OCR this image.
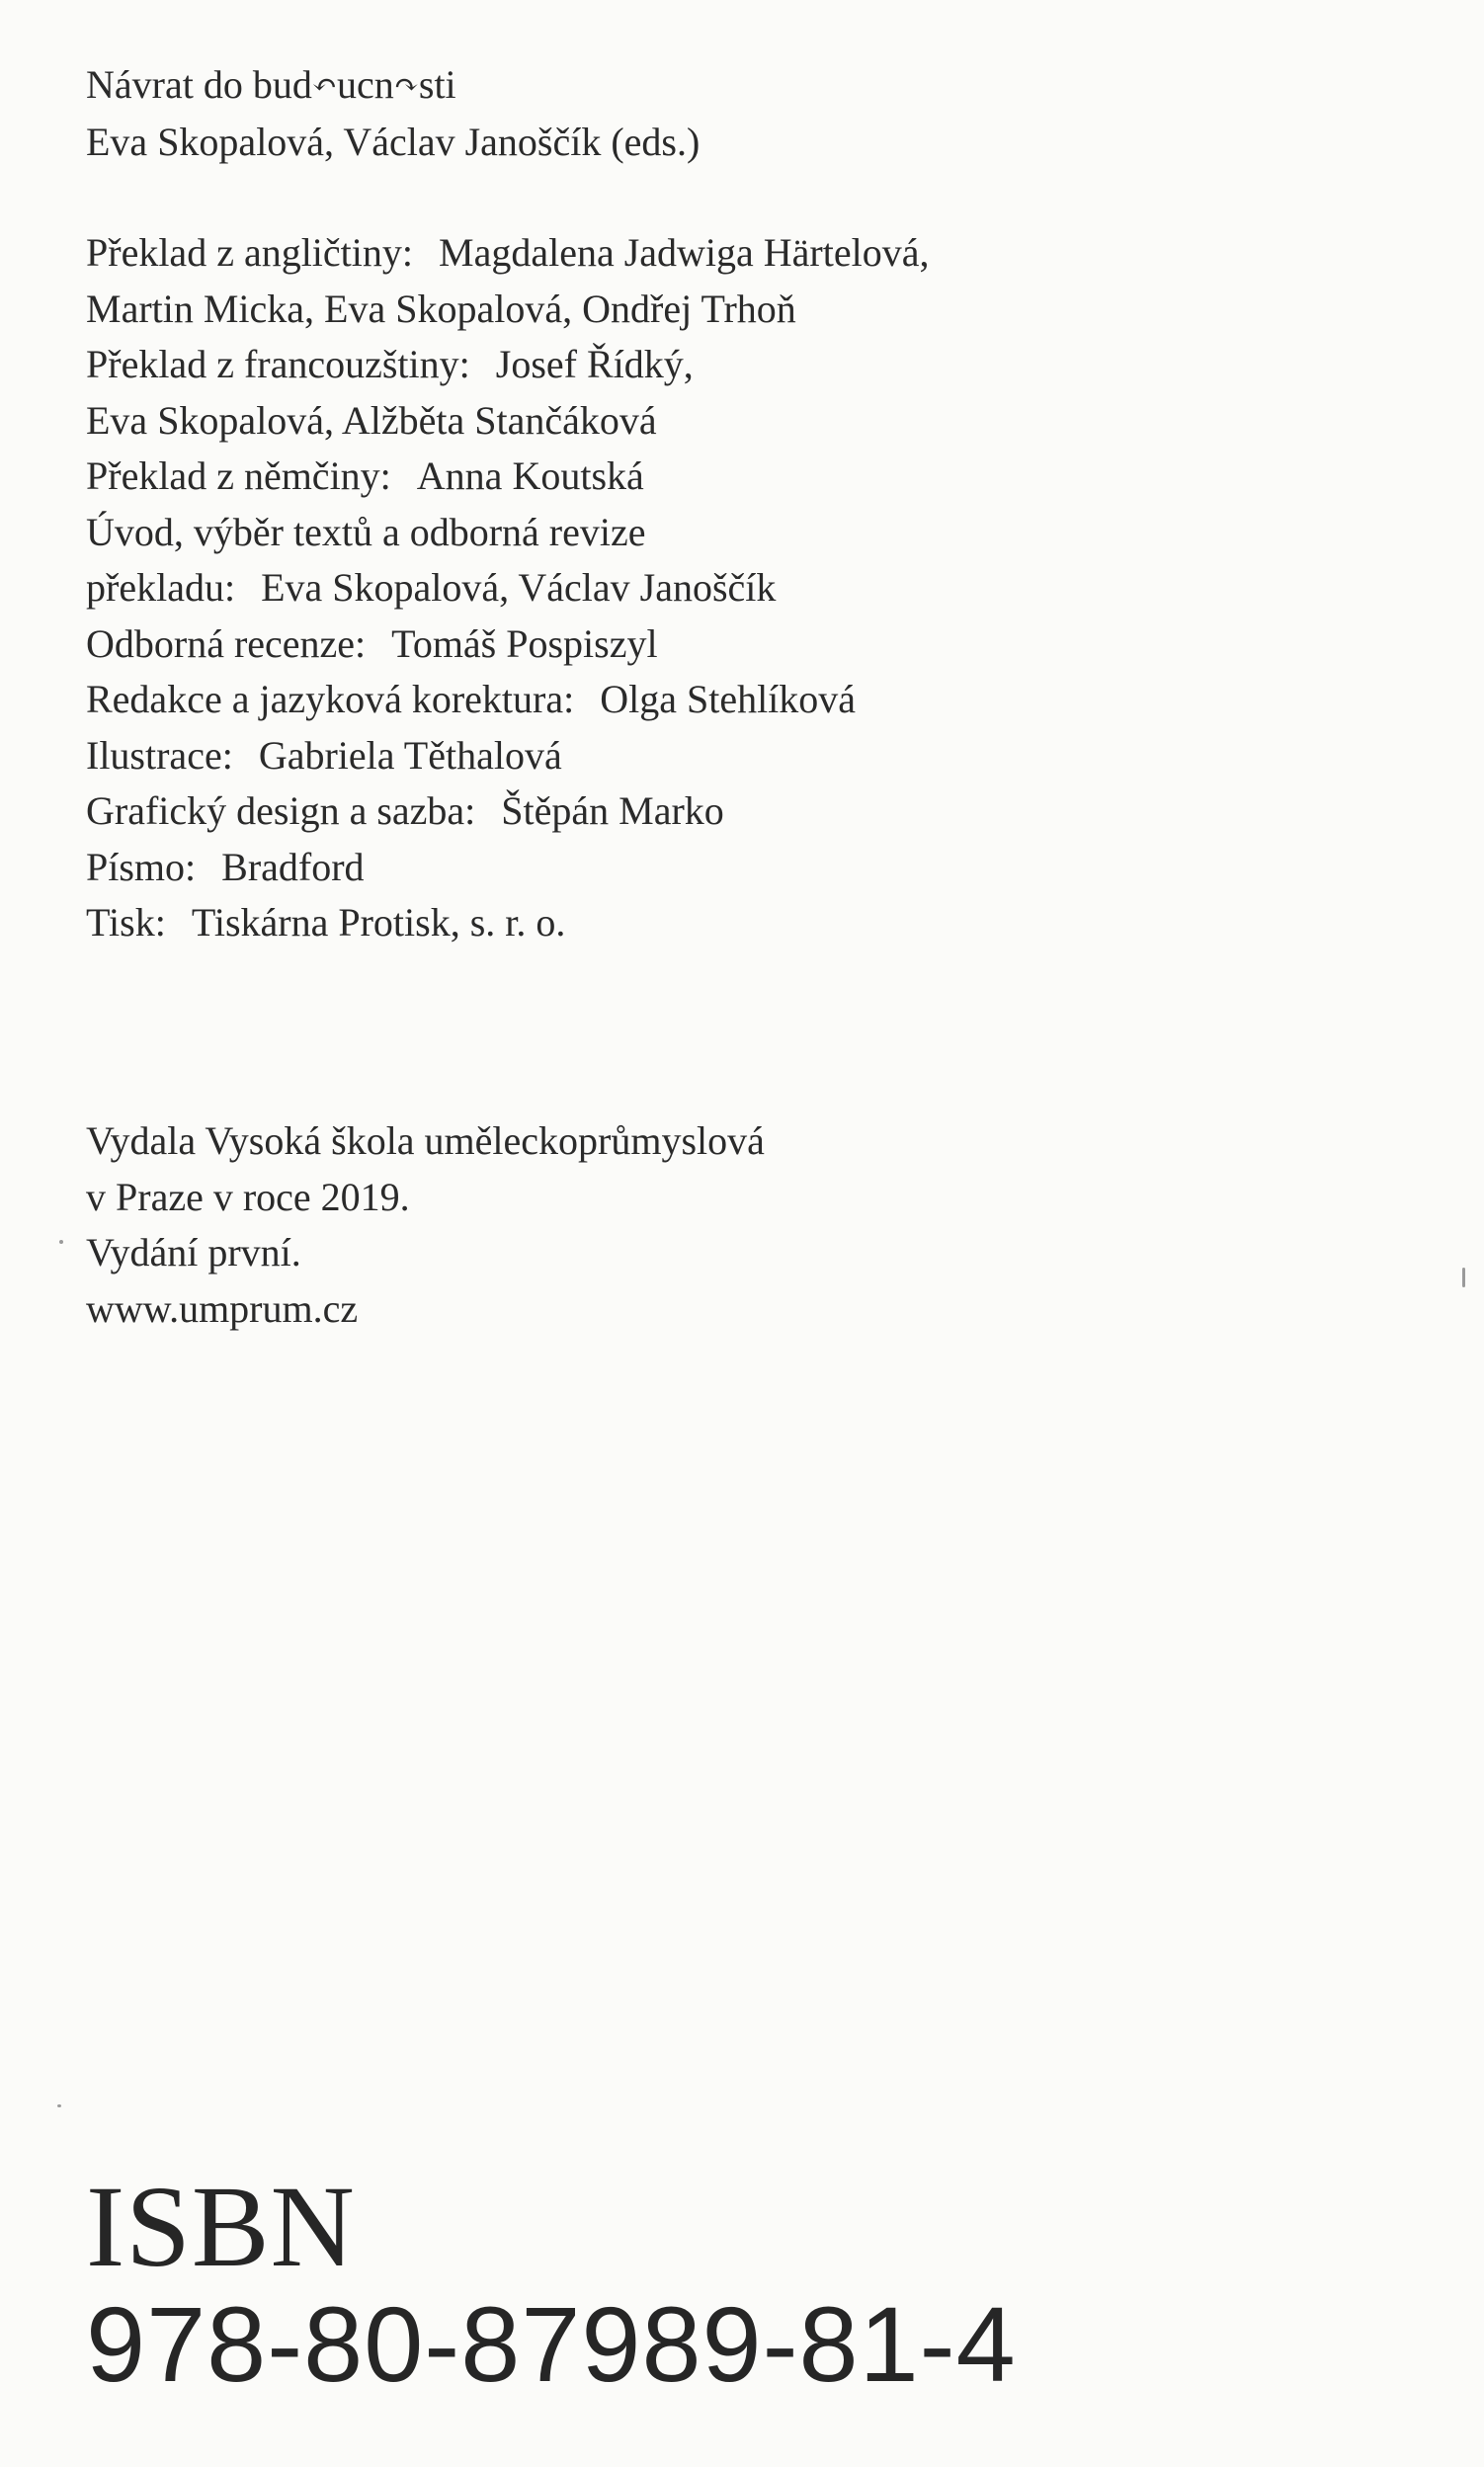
Návrat do bud↶ucn↷sti
Eva Skopalová, Václav Janoščík (eds.)
Překlad z angličtiny: Magdalena Jadwiga Härtelová,
Martin Micka, Eva Skopalová, Ondřej Trhoň
Překlad z francouzštiny: Josef Řídký,
Eva Skopalová, Alžběta Stančáková
Překlad z němčiny: Anna Koutská
Úvod, výběr textů a odborná revize
překladu: Eva Skopalová, Václav Janoščík
Odborná recenze: Tomáš Pospiszyl
Redakce a jazyková korektura: Olga Stehlíková
Ilustrace: Gabriela Těthalová
Grafický design a sazba: Štěpán Marko
Písmo: Bradford
Tisk: Tiskárna Protisk, s. r. o.
Vydala Vysoká škola uměleckoprůmyslová
v Praze v roce 2019.
Vydání první.
www.umprum.cz
ISBN
978-80-87989-81-4
